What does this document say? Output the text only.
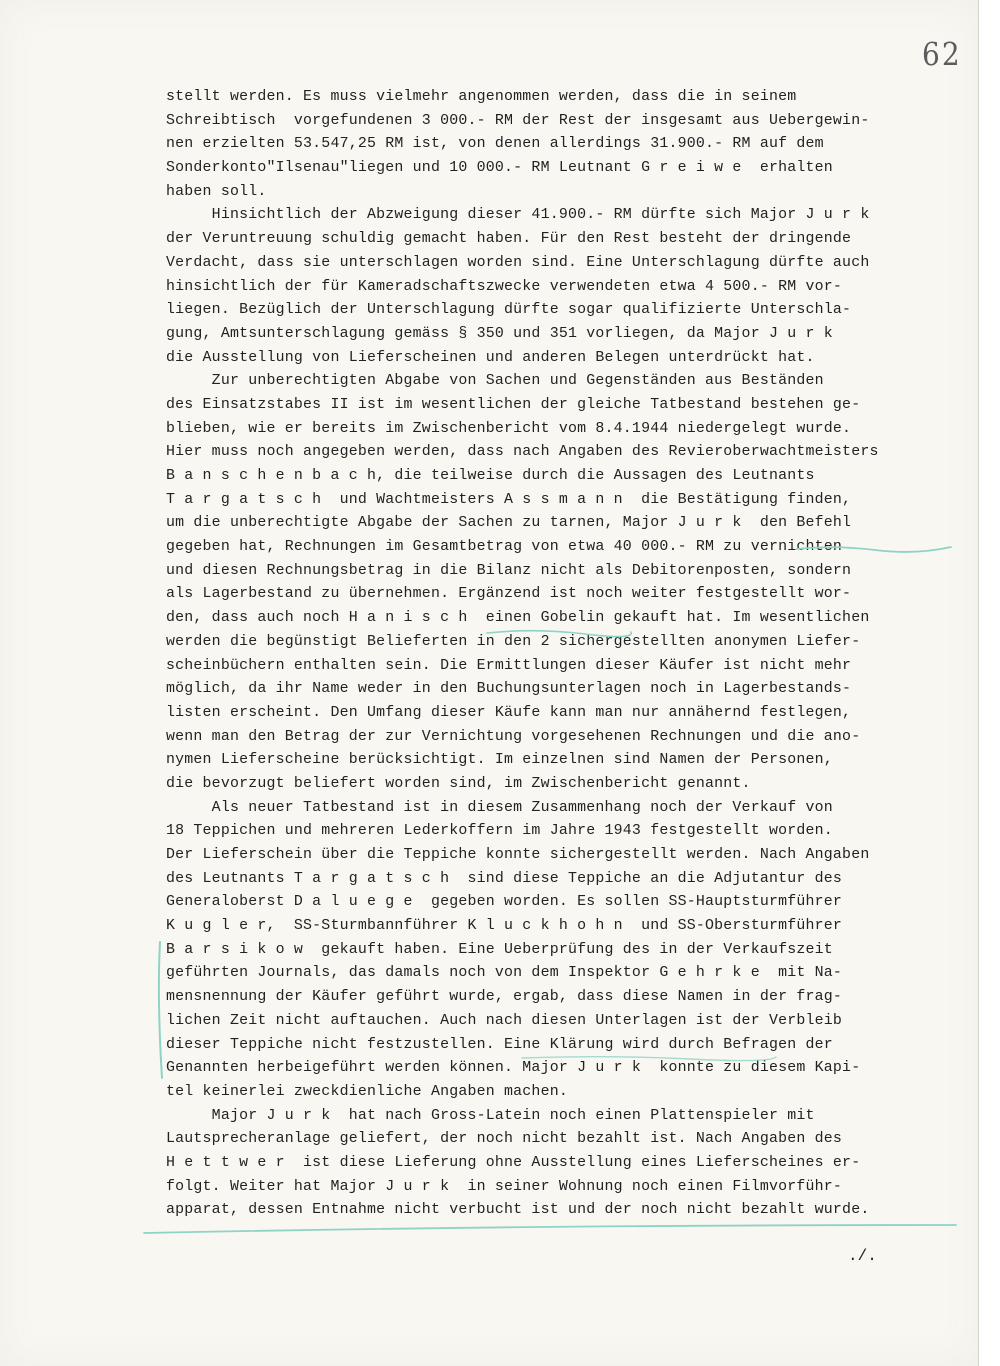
62
stellt werden. Es muss vielmehr angenommen werden, dass die in seinem
Schreibtisch  vorgefundenen 3 000.- RM der Rest der insgesamt aus Uebergewin-
nen erzielten 53.547,25 RM ist, von denen allerdings 31.900.- RM auf dem
Sonderkonto"Ilsenau"liegen und 10 000.- RM Leutnant G r e i w e  erhalten
haben soll.
Hinsichtlich der Abzweigung dieser 41.900.- RM dürfte sich Major J u r k
der Veruntreuung schuldig gemacht haben. Für den Rest besteht der dringende
Verdacht, dass sie unterschlagen worden sind. Eine Unterschlagung dürfte auch
hinsichtlich der für Kameradschaftszwecke verwendeten etwa 4 500.- RM vor-
liegen. Bezüglich der Unterschlagung dürfte sogar qualifizierte Unterschla-
gung, Amtsunterschlagung gemäss § 350 und 351 vorliegen, da Major J u r k
die Ausstellung von Lieferscheinen und anderen Belegen unterdrückt hat.
Zur unberechtigten Abgabe von Sachen und Gegenständen aus Beständen
des Einsatzstabes II ist im wesentlichen der gleiche Tatbestand bestehen ge-
blieben, wie er bereits im Zwischenbericht vom 8.4.1944 niedergelegt wurde.
Hier muss noch angegeben werden, dass nach Angaben des Revieroberwachtmeisters
B a n s c h e n b a c h, die teilweise durch die Aussagen des Leutnants
T a r g a t s c h  und Wachtmeisters A s s m a n n  die Bestätigung finden,
um die unberechtigte Abgabe der Sachen zu tarnen, Major J u r k  den Befehl
gegeben hat, Rechnungen im Gesamtbetrag von etwa 40 000.- RM zu vernichten
und diesen Rechnungsbetrag in die Bilanz nicht als Debitorenposten, sondern
als Lagerbestand zu übernehmen. Ergänzend ist noch weiter festgestellt wor-
den, dass auch noch H a n i s c h  einen Gobelin gekauft hat. Im wesentlichen
werden die begünstigt Belieferten in den 2 sichergestellten anonymen Liefer-
scheinbüchern enthalten sein. Die Ermittlungen dieser Käufer ist nicht mehr
möglich, da ihr Name weder in den Buchungsunterlagen noch in Lagerbestands-
listen erscheint. Den Umfang dieser Käufe kann man nur annähernd festlegen,
wenn man den Betrag der zur Vernichtung vorgesehenen Rechnungen und die ano-
nymen Lieferscheine berücksichtigt. Im einzelnen sind Namen der Personen,
die bevorzugt beliefert worden sind, im Zwischenbericht genannt.
Als neuer Tatbestand ist in diesem Zusammenhang noch der Verkauf von
18 Teppichen und mehreren Lederkoffern im Jahre 1943 festgestellt worden.
Der Lieferschein über die Teppiche konnte sichergestellt werden. Nach Angaben
des Leutnants T a r g a t s c h  sind diese Teppiche an die Adjutantur des
Generaloberst D a l u e g e  gegeben worden. Es sollen SS-Hauptsturmführer
K u g l e r,  SS-Sturmbannführer K l u c k h o h n  und SS-Obersturmführer
B a r s i k o w  gekauft haben. Eine Ueberprüfung des in der Verkaufszeit
geführten Journals, das damals noch von dem Inspektor G e h r k e  mit Na-
mensnennung der Käufer geführt wurde, ergab, dass diese Namen in der frag-
lichen Zeit nicht auftauchen. Auch nach diesen Unterlagen ist der Verbleib
dieser Teppiche nicht festzustellen. Eine Klärung wird durch Befragen der
Genannten herbeigeführt werden können. Major J u r k  konnte zu diesem Kapi-
tel keinerlei zweckdienliche Angaben machen.
Major J u r k  hat nach Gross-Latein noch einen Plattenspieler mit
Lautsprecheranlage geliefert, der noch nicht bezahlt ist. Nach Angaben des
H e t t w e r  ist diese Lieferung ohne Ausstellung eines Lieferscheines er-
folgt. Weiter hat Major J u r k  in seiner Wohnung noch einen Filmvorführ-
apparat, dessen Entnahme nicht verbucht ist und der noch nicht bezahlt wurde.
./.
